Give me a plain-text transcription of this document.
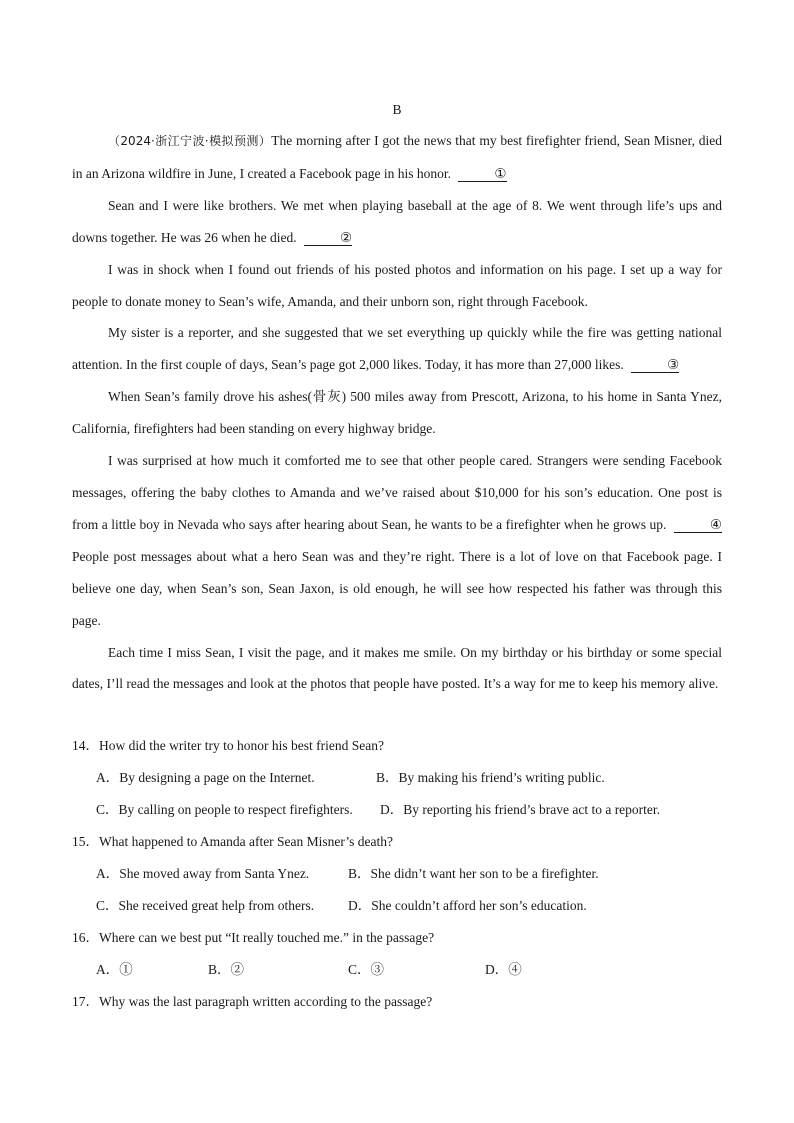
B

（2024·浙江宁波·模拟预测）The morning after I got the news that my best firefighter friend, Sean Misner, died in an Arizona wildfire in June, I created a Facebook page in his honor.	①

Sean and I were like brothers. We met when playing baseball at the age of 8. We went through life’s ups and downs together. He was 26 when he died.	②

I was in shock when I found out friends of his posted photos and information on his page. I set up a way for people to donate money to Sean’s wife, Amanda, and their unborn son, right through Facebook.

My sister is a reporter, and she suggested that we set everything up quickly while the fire was getting national attention. In the first couple of days, Sean’s page got 2,000 likes. Today, it has more than 27,000 likes.	③

When Sean’s family drove his ashes(骨灰) 500 miles away from Prescott, Arizona, to his home in Santa Ynez, California, firefighters had been standing on every highway bridge.

I was surprised at how much it comforted me to see that other people cared. Strangers were sending Facebook messages, offering the baby clothes to Amanda and we’ve raised about $10,000 for his son’s education. One post is from a little boy in Nevada who says after hearing about Sean, he wants to be a firefighter when he grows up.	④ People post messages about what a hero Sean was and they’re right. There is a lot of love on that Facebook page. I believe one day, when Sean’s son, Sean Jaxon, is old enough, he will see how respected his father was through this page.

Each time I miss Sean, I visit the page, and it makes me smile. On my birthday or his birthday or some special dates, I’ll read the messages and look at the photos that people have posted. It’s a way for me to keep his memory alive.

14．How did the writer try to honor his best friend Sean?
A．By designing a page on the Internet.	B．By making his friend’s writing public.
C．By calling on people to respect firefighters. D．By reporting his friend’s brave act to a reporter.
15．What happened to Amanda after Sean Misner’s death?
A．She moved away from Santa Ynez.	B．She didn’t want her son to be a firefighter.
C．She received great help from others.	D．She couldn’t afford her son’s education.
16．Where can we best put “It really touched me.” in the passage?
A．①	B．②	C．③	D．④
17．Why was the last paragraph written according to the passage?
